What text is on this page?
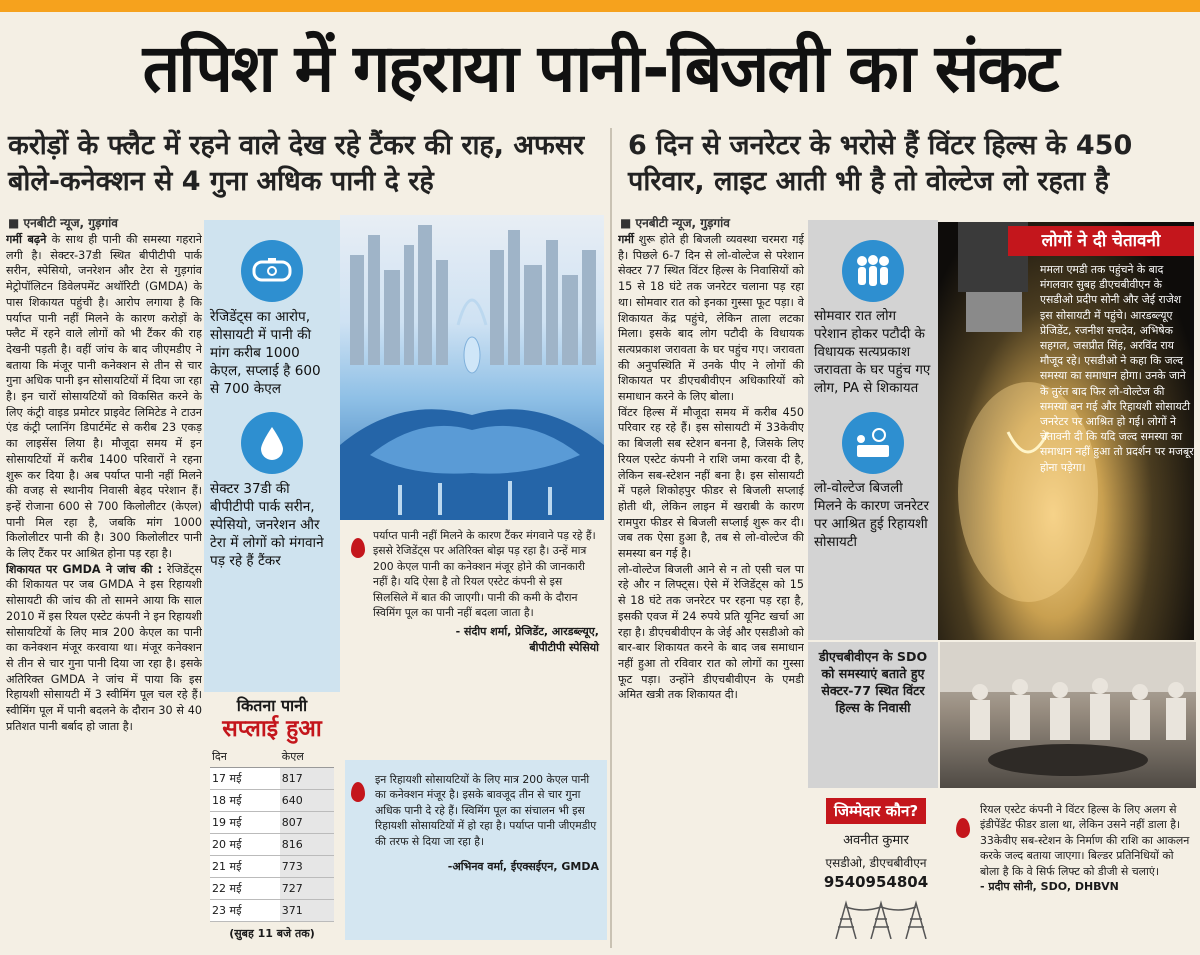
तपिश में गहराया पानी-बिजली का संकट
करोड़ों के फ्लैट में रहने वाले देख रहे टैंकर की राह, अफसर बोले-कनेक्शन से 4 गुना अधिक पानी दे रहे
6 दिन से जनरेटर के भरोसे हैं विंटर हिल्स के 450 परिवार, लाइट आती भी है तो वोल्टेज लो रहता है
■ एनबीटी न्यूज, गुड़गांव	■ एनबीटी न्यूज, गुड़गांव

गर्मी बढ़ने के साथ ही पानी की समस्या गहराने लगी है। सेक्टर-37डी स्थित बीपीटीपी पार्क सरीन, स्पेसियो, जनरेशन और टेरा से गुड़गांव मेट्रोपॉलिटन डिवेलपमेंट अथॉरिटी (GMDA) के पास शिकायत पहुंची है। आरोप लगाया है कि पर्याप्त पानी नहीं मिलने के कारण करोड़ों के फ्लैट में रहने वाले लोगों को भी टैंकर की राह देखनी पड़ती है। वहीं जांच के बाद जीएमडीए ने बताया कि मंजूर पानी कनेक्शन से तीन से चार गुना अधिक पानी इन सोसायटियों में दिया जा रहा है। इन चारों सोसायटियों को विकसित करने के लिए कंट्री वाइड प्रमोटर प्राइवेट लिमिटेड ने टाउन एंड कंट्री प्लानिंग डिपार्टमेंट से करीब 23 एकड़ का लाइसेंस लिया है। मौजूदा समय में इन सोसायटियों में करीब 1400 परिवारों ने रहना शुरू कर दिया है। अब पर्याप्त पानी नहीं मिलने की वजह से स्थानीय निवासी बेहद परेशान हैं। इन्हें रोजाना 600 से 700 किलोलीटर (केएल) पानी मिल रहा है, जबकि मांग 1000 किलोलीटर पानी की है। 300 किलोलीटर पानी के लिए टैंकर पर आश्रित होना पड़ रहा है।

शिकायत पर GMDA ने जांच की : रेजिडेंट्स की शिकायत पर जब GMDA ने इस रिहायशी सोसायटी की जांच की तो सामने आया कि साल 2010 में इस रियल एस्टेट कंपनी ने इन रिहायशी सोसायटियों के लिए मात्र 200 केएल का पानी का कनेक्शन मंजूर करवाया था। मंजूर कनेक्शन से तीन से चार गुना पानी दिया जा रहा है। इसके अतिरिक्त GMDA ने जांच में पाया कि इस रिहायशी सोसायटी में 3 स्वीमिंग पूल चल रहे हैं। स्वीमिंग पूल में पानी बदलने के दौरान 30 से 40 प्रतिशत पानी बर्बाद हो जाता है।

रेजिडेंट्स का आरोप, सोसायटी में पानी की मांग करीब 1000 केएल, सप्लाई है 600 से 700 केएल
सेक्टर 37डी की बीपीटीपी पार्क सरीन, स्पेसियो, जनरेशन और टेरा में लोगों को मंगवाने पड़ रहे हैं टैंकर
पर्याप्त पानी नहीं मिलने के कारण टैंकर मंगवाने पड़ रहे हैं। इससे रेजिडेंट्स पर अतिरिक्त बोझ पड़ रहा है। उन्हें मात्र 200 केएल पानी का कनेक्शन मंजूर होने की जानकारी नहीं है। यदि ऐसा है तो रियल एस्टेट कंपनी से इस सिलसिले में बात की जाएगी। पानी की कमी के दौरान स्विमिंग पूल का पानी नहीं बदला जाता है।
- संदीप शर्मा, प्रेजिडेंट, आरडब्ल्यूए,
बीपीटीपी स्पेसियो
इन रिहायशी सोसायटियों के लिए मात्र 200 केएल पानी का कनेक्शन मंजूर है। इसके बावजूद तीन से चार गुना अधिक पानी दे रहे हैं। स्विमिंग पूल का संचालन भी इस रिहायशी सोसायटियों में हो रहा है। पर्याप्त पानी जीएमडीए की तरफ से दिया जा रहा है।
-अभिनव वर्मा, ईएक्सईएन, GMDA
कितना पानी
सप्लाई हुआ
दिन	केएल
17 मई	817
18 मई	640
19 मई	807
20 मई	816
21 मई	773
22 मई	727
23 मई	371
(सुबह 11 बजे तक)

गर्मी शुरू होते ही बिजली व्यवस्था चरमरा गई है। पिछले 6-7 दिन से लो-वोल्टेज से परेशान सेक्टर 77 स्थित विंटर हिल्स के निवासियों को 15 से 18 घंटे तक जनरेटर चलाना पड़ रहा था। सोमवार रात को इनका गुस्सा फूट पड़ा। वे शिकायत केंद्र पहुंचे, लेकिन ताला लटका मिला। इसके बाद लोग पटौदी के विधायक सत्यप्रकाश जरावता के घर पहुंच गए। जरावता की अनुपस्थिति में उनके पीए ने लोगों की शिकायत पर डीएचबीवीएन अधिकारियों को समाधान करने के लिए बोला।

विंटर हिल्स में मौजूदा समय में करीब 450 परिवार रह रहे हैं। इस सोसायटी में 33केवीए का बिजली सब स्टेशन बनना है, जिसके लिए रियल एस्टेट कंपनी ने राशि जमा करवा दी है, लेकिन सब-स्टेशन नहीं बना है। इस सोसायटी में पहले शिकोहपुर फीडर से बिजली सप्लाई होती थी, लेकिन लाइन में खराबी के कारण रामपुरा फीडर से बिजली सप्लाई शुरू कर दी। जब तक ऐसा हुआ है, तब से लो-वोल्टेज की समस्या बन गई है।

लो-वोल्टेज बिजली आने से न तो एसी चल पा रहे और न लिफ्ट्स। ऐसे में रेजिडेंट्स को 15 से 18 घंटे तक जनरेटर पर रहना पड़ रहा है, इसकी एवज में 24 रुपये प्रति यूनिट खर्चा आ रहा है। डीएचबीवीएन के जेई और एसडीओ को बार-बार शिकायत करने के बाद जब समाधान नहीं हुआ तो रविवार रात को लोगों का गुस्सा फूट पड़ा। उन्होंने डीएचबीवीएन के एमडी अमित खत्री तक शिकायत दी।

सोमवार रात लोग परेशान होकर पटौदी के विधायक सत्यप्रकाश जरावता के घर पहुंच गए लोग, PA से शिकायत
लो-वोल्टेज बिजली मिलने के कारण जनरेटर पर आश्रित हुई रिहायशी सोसायटी
लोगों ने दी चेतावनी
ममला एमडी तक पहुंचने के बाद मंगलवार सुबह डीएचबीवीएन के एसडीओ प्रदीप सोनी और जेई राजेश इस सोसायटी में पहुंचे। आरडब्ल्यूए प्रेजिडेंट, रजनीश सचदेव, अभिषेक सहगल, जसप्रीत सिंह, अरविंद राय मौजूद रहे। एसडीओ ने कहा कि जल्द समस्या का समाधान होगा। उनके जाने के तुरंत बाद फिर लो-वोल्टेज की समस्या बन गई और रिहायशी सोसायटी जनरेटर पर आश्रित हो गई। लोगों ने चेतावनी दी कि यदि जल्द समस्या का समाधान नहीं हुआ तो प्रदर्शन पर मजबूर होना पड़ेगा।
डीएचबीवीएन के SDO को समस्याएं बताते हुए सेक्टर-77 स्थित विंटर हिल्स के निवासी
जिम्मेदार कौन?
अवनीत कुमार
एसडीओ, डीएचबीवीएन
9540954804
रियल एस्टेट कंपनी ने विंटर हिल्स के लिए अलग से इंडीपेंडेंट फीडर डाला था, लेकिन उसने नहीं डाला है। 33केवीए सब-स्टेशन के निर्माण की राशि का आकलन करके जल्द बताया जाएगा। बिल्डर प्रतिनिधियों को बोला है कि वे सिर्फ लिफ्ट को डीजी से चलाएं।
- प्रदीप सोनी, SDO, DHBVN
